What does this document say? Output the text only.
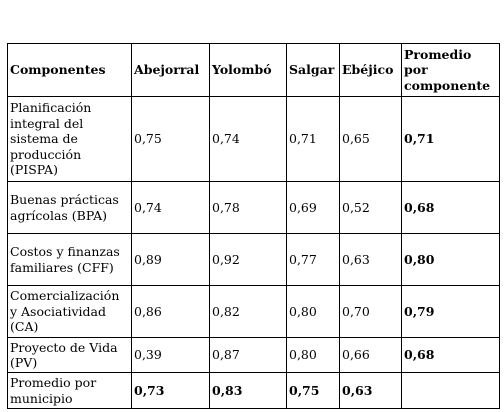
Componentes	Abejorral	Yolombó	Salgar	Ebéjico	Promedio por componente
Planificación integral del sistema de producción (PISPA)	0,75	0,74	0,71	0,65	0,71
Buenas prácticas agrícolas (BPA)	0,74	0,78	0,69	0,52	0,68
Costos y finanzas familiares (CFF)	0,89	0,92	0,77	0,63	0,80
Comercialización y Asociatividad (CA)	0,86	0,82	0,80	0,70	0,79
Proyecto de Vida (PV)	0,39	0,87	0,80	0,66	0,68
Promedio por municipio	0,73	0,83	0,75	0,63	
